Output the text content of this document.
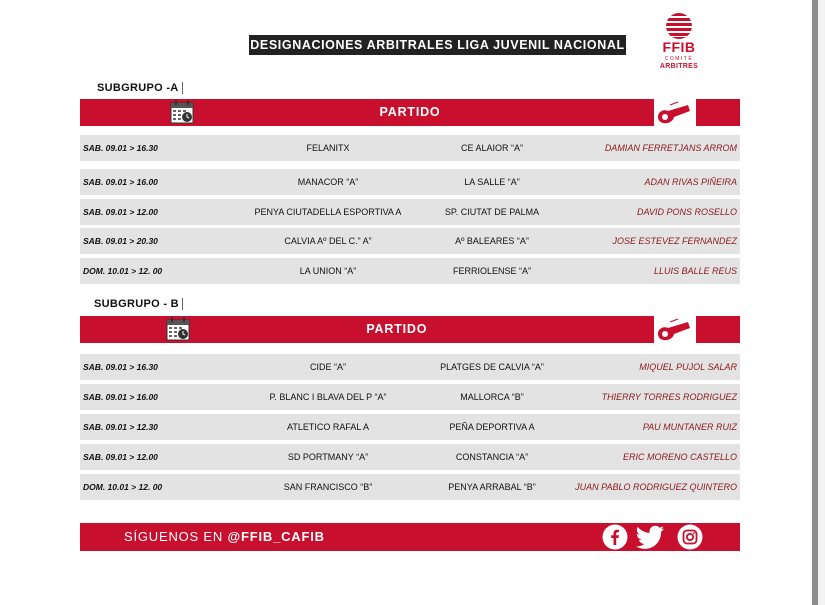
DESIGNACIONES ARBITRALES LIGA JUVENIL NACIONAL	FFIB
COMITÉ
ARBITRES
SUBGRUPO -A
PARTIDO
SAB. 09.01 > 16.30	FELANITX	CE ALAIOR “A”	DAMIAN FERRETJANS ARROM
SAB. 09.01 > 16.00	MANACOR “A”	LA SALLE “A”	ADAN RIVAS PIÑEIRA
SAB. 09.01 > 12.00	PENYA CIUTADELLA ESPORTIVA A	SP. CIUTAT DE PALMA	DAVID PONS ROSELLO
SAB. 09.01 > 20.30	CALVIA Aº DEL C.” A”	Aº BALEARES “A”	JOSE ESTEVEZ FERNANDEZ
DOM. 10.01 > 12. 00	LA UNION “A”	FERRIOLENSE “A”	LLUIS BALLE REUS
SUBGRUPO - B
PARTIDO
SAB. 09.01 > 16.30	CIDE “A”	PLATGES DE CALVIA “A”	MIQUEL PUJOL SALAR
SAB. 09.01 > 16.00	P. BLANC I BLAVA DEL P “A”	MALLORCA “B”	THIERRY TORRES RODRIGUEZ
SAB. 09.01 > 12.30	ATLETICO RAFAL A	PEÑA DEPORTIVA A	PAU MUNTANER RUIZ
SAB. 09.01 > 12.00	SD PORTMANY “A”	CONSTANCIA “A”	ERIC MORENO CASTELLO
DOM. 10.01 > 12. 00	SAN FRANCISCO “B”	PENYA ARRABAL “B”	JUAN PABLO RODRIGUEZ QUINTERO
SÍGUENOS EN @FFIB_CAFIB
